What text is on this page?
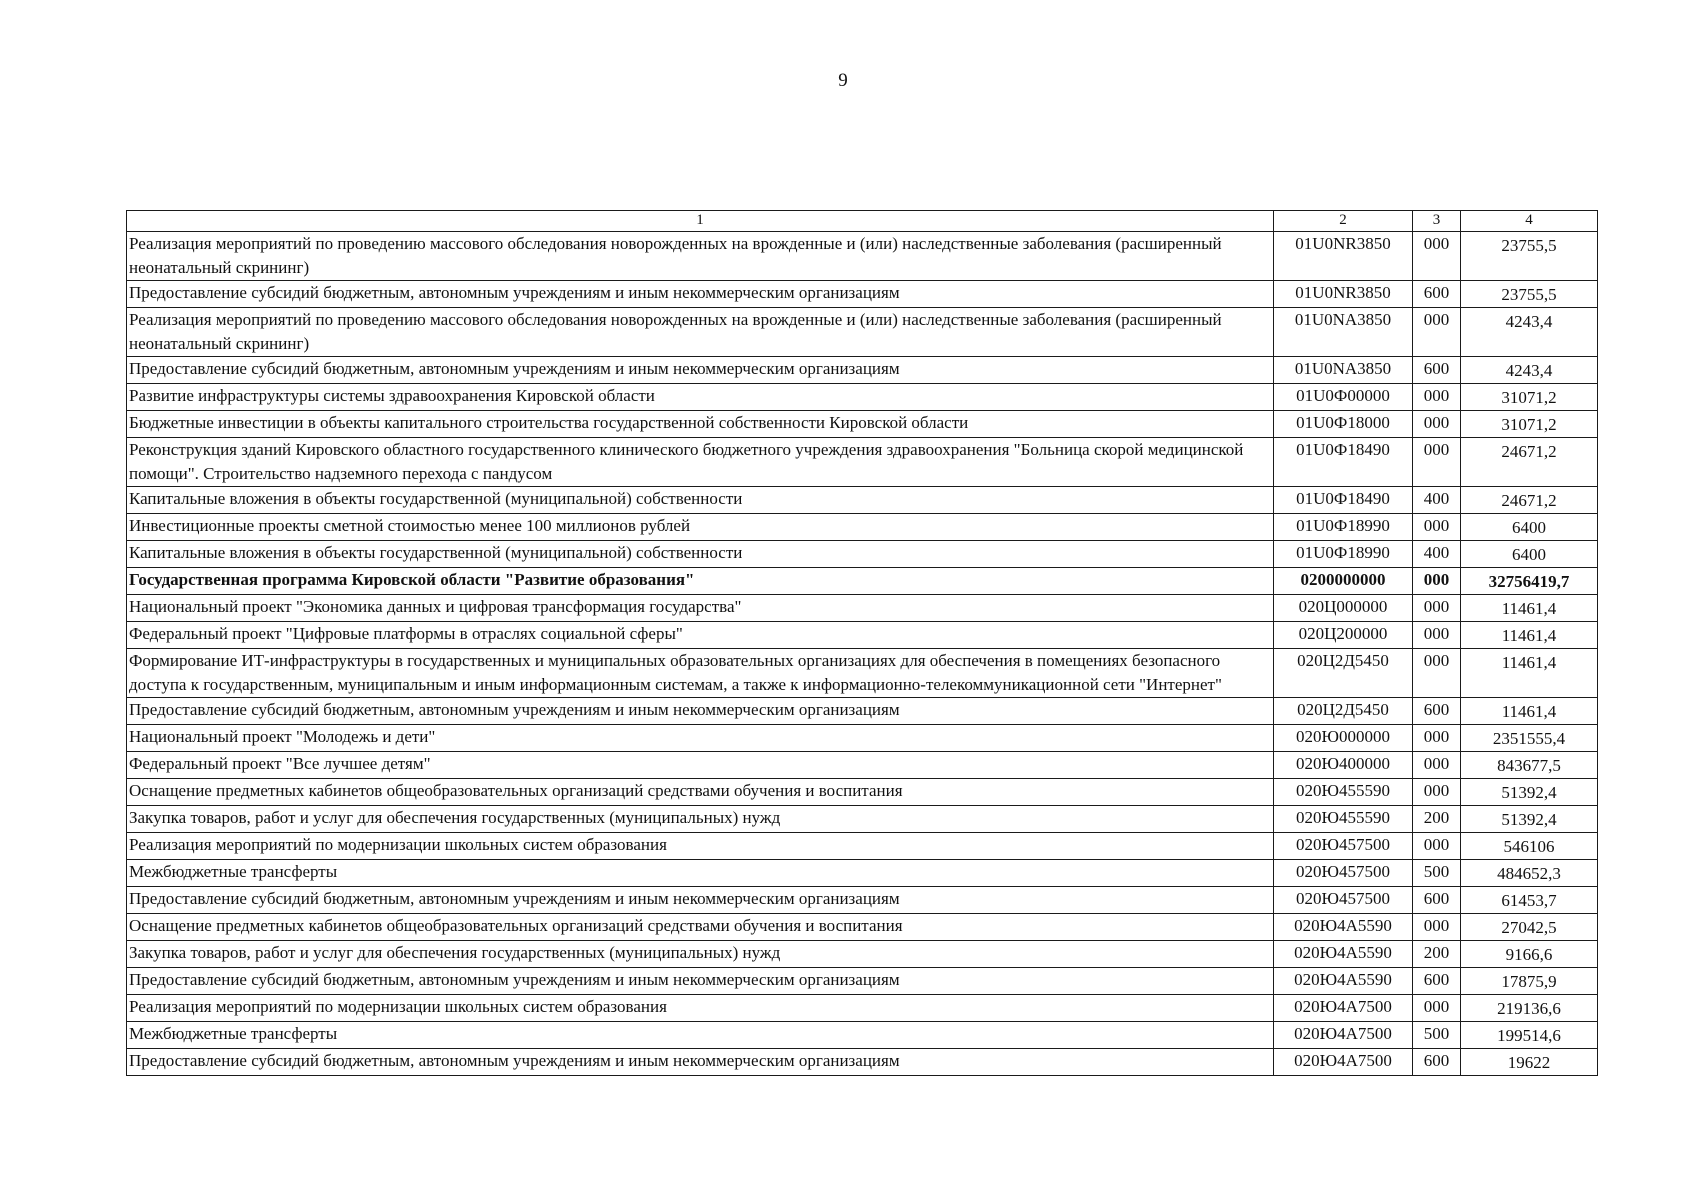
9
1	2	3	4
Реализация мероприятий по проведению массового обследования новорожденных на врожденные и (или) наследственные заболевания (расширенный неонатальный скрининг)	01U0NR3850	000	23755,5
Предоставление субсидий бюджетным, автономным учреждениям и иным некоммерческим организациям	01U0NR3850	600	23755,5
Реализация мероприятий по проведению массового обследования новорожденных на врожденные и (или) наследственные заболевания (расширенный неонатальный скрининг)	01U0NA3850	000	4243,4
Предоставление субсидий бюджетным, автономным учреждениям и иным некоммерческим организациям	01U0NA3850	600	4243,4
Развитие инфраструктуры системы здравоохранения Кировской области	01U0Ф00000	000	31071,2
Бюджетные инвестиции в объекты капитального строительства государственной собственности Кировской области	01U0Ф18000	000	31071,2
Реконструкция зданий Кировского областного государственного клинического бюджетного учреждения здравоохранения "Больница скорой медицинской помощи". Строительство надземного перехода с пандусом	01U0Ф18490	000	24671,2
Капитальные вложения в объекты государственной (муниципальной) собственности	01U0Ф18490	400	24671,2
Инвестиционные проекты сметной стоимостью менее 100 миллионов рублей	01U0Ф18990	000	6400
Капитальные вложения в объекты государственной (муниципальной) собственности	01U0Ф18990	400	6400
Государственная программа Кировской области "Развитие образования"	0200000000	000	32756419,7
Национальный проект "Экономика данных и цифровая трансформация государства"	020Ц000000	000	11461,4
Федеральный проект "Цифровые платформы в отраслях социальной сферы"	020Ц200000	000	11461,4
Формирование ИТ-инфраструктуры в государственных и муниципальных образовательных организациях для обеспечения в помещениях безопасного доступа к государственным, муниципальным и иным информационным системам, а также к информационно-телекоммуникационной сети "Интернет"	020Ц2Д5450	000	11461,4
Предоставление субсидий бюджетным, автономным учреждениям и иным некоммерческим организациям	020Ц2Д5450	600	11461,4
Национальный проект "Молодежь и дети"	020Ю000000	000	2351555,4
Федеральный проект "Все лучшее детям"	020Ю400000	000	843677,5
Оснащение предметных кабинетов общеобразовательных организаций средствами обучения и воспитания	020Ю455590	000	51392,4
Закупка товаров, работ и услуг для обеспечения государственных (муниципальных) нужд	020Ю455590	200	51392,4
Реализация мероприятий по модернизации школьных систем образования	020Ю457500	000	546106
Межбюджетные трансферты	020Ю457500	500	484652,3
Предоставление субсидий бюджетным, автономным учреждениям и иным некоммерческим организациям	020Ю457500	600	61453,7
Оснащение предметных кабинетов общеобразовательных организаций средствами обучения и воспитания	020Ю4А5590	000	27042,5
Закупка товаров, работ и услуг для обеспечения государственных (муниципальных) нужд	020Ю4А5590	200	9166,6
Предоставление субсидий бюджетным, автономным учреждениям и иным некоммерческим организациям	020Ю4А5590	600	17875,9
Реализация мероприятий по модернизации школьных систем образования	020Ю4А7500	000	219136,6
Межбюджетные трансферты	020Ю4А7500	500	199514,6
Предоставление субсидий бюджетным, автономным учреждениям и иным некоммерческим организациям	020Ю4А7500	600	19622
